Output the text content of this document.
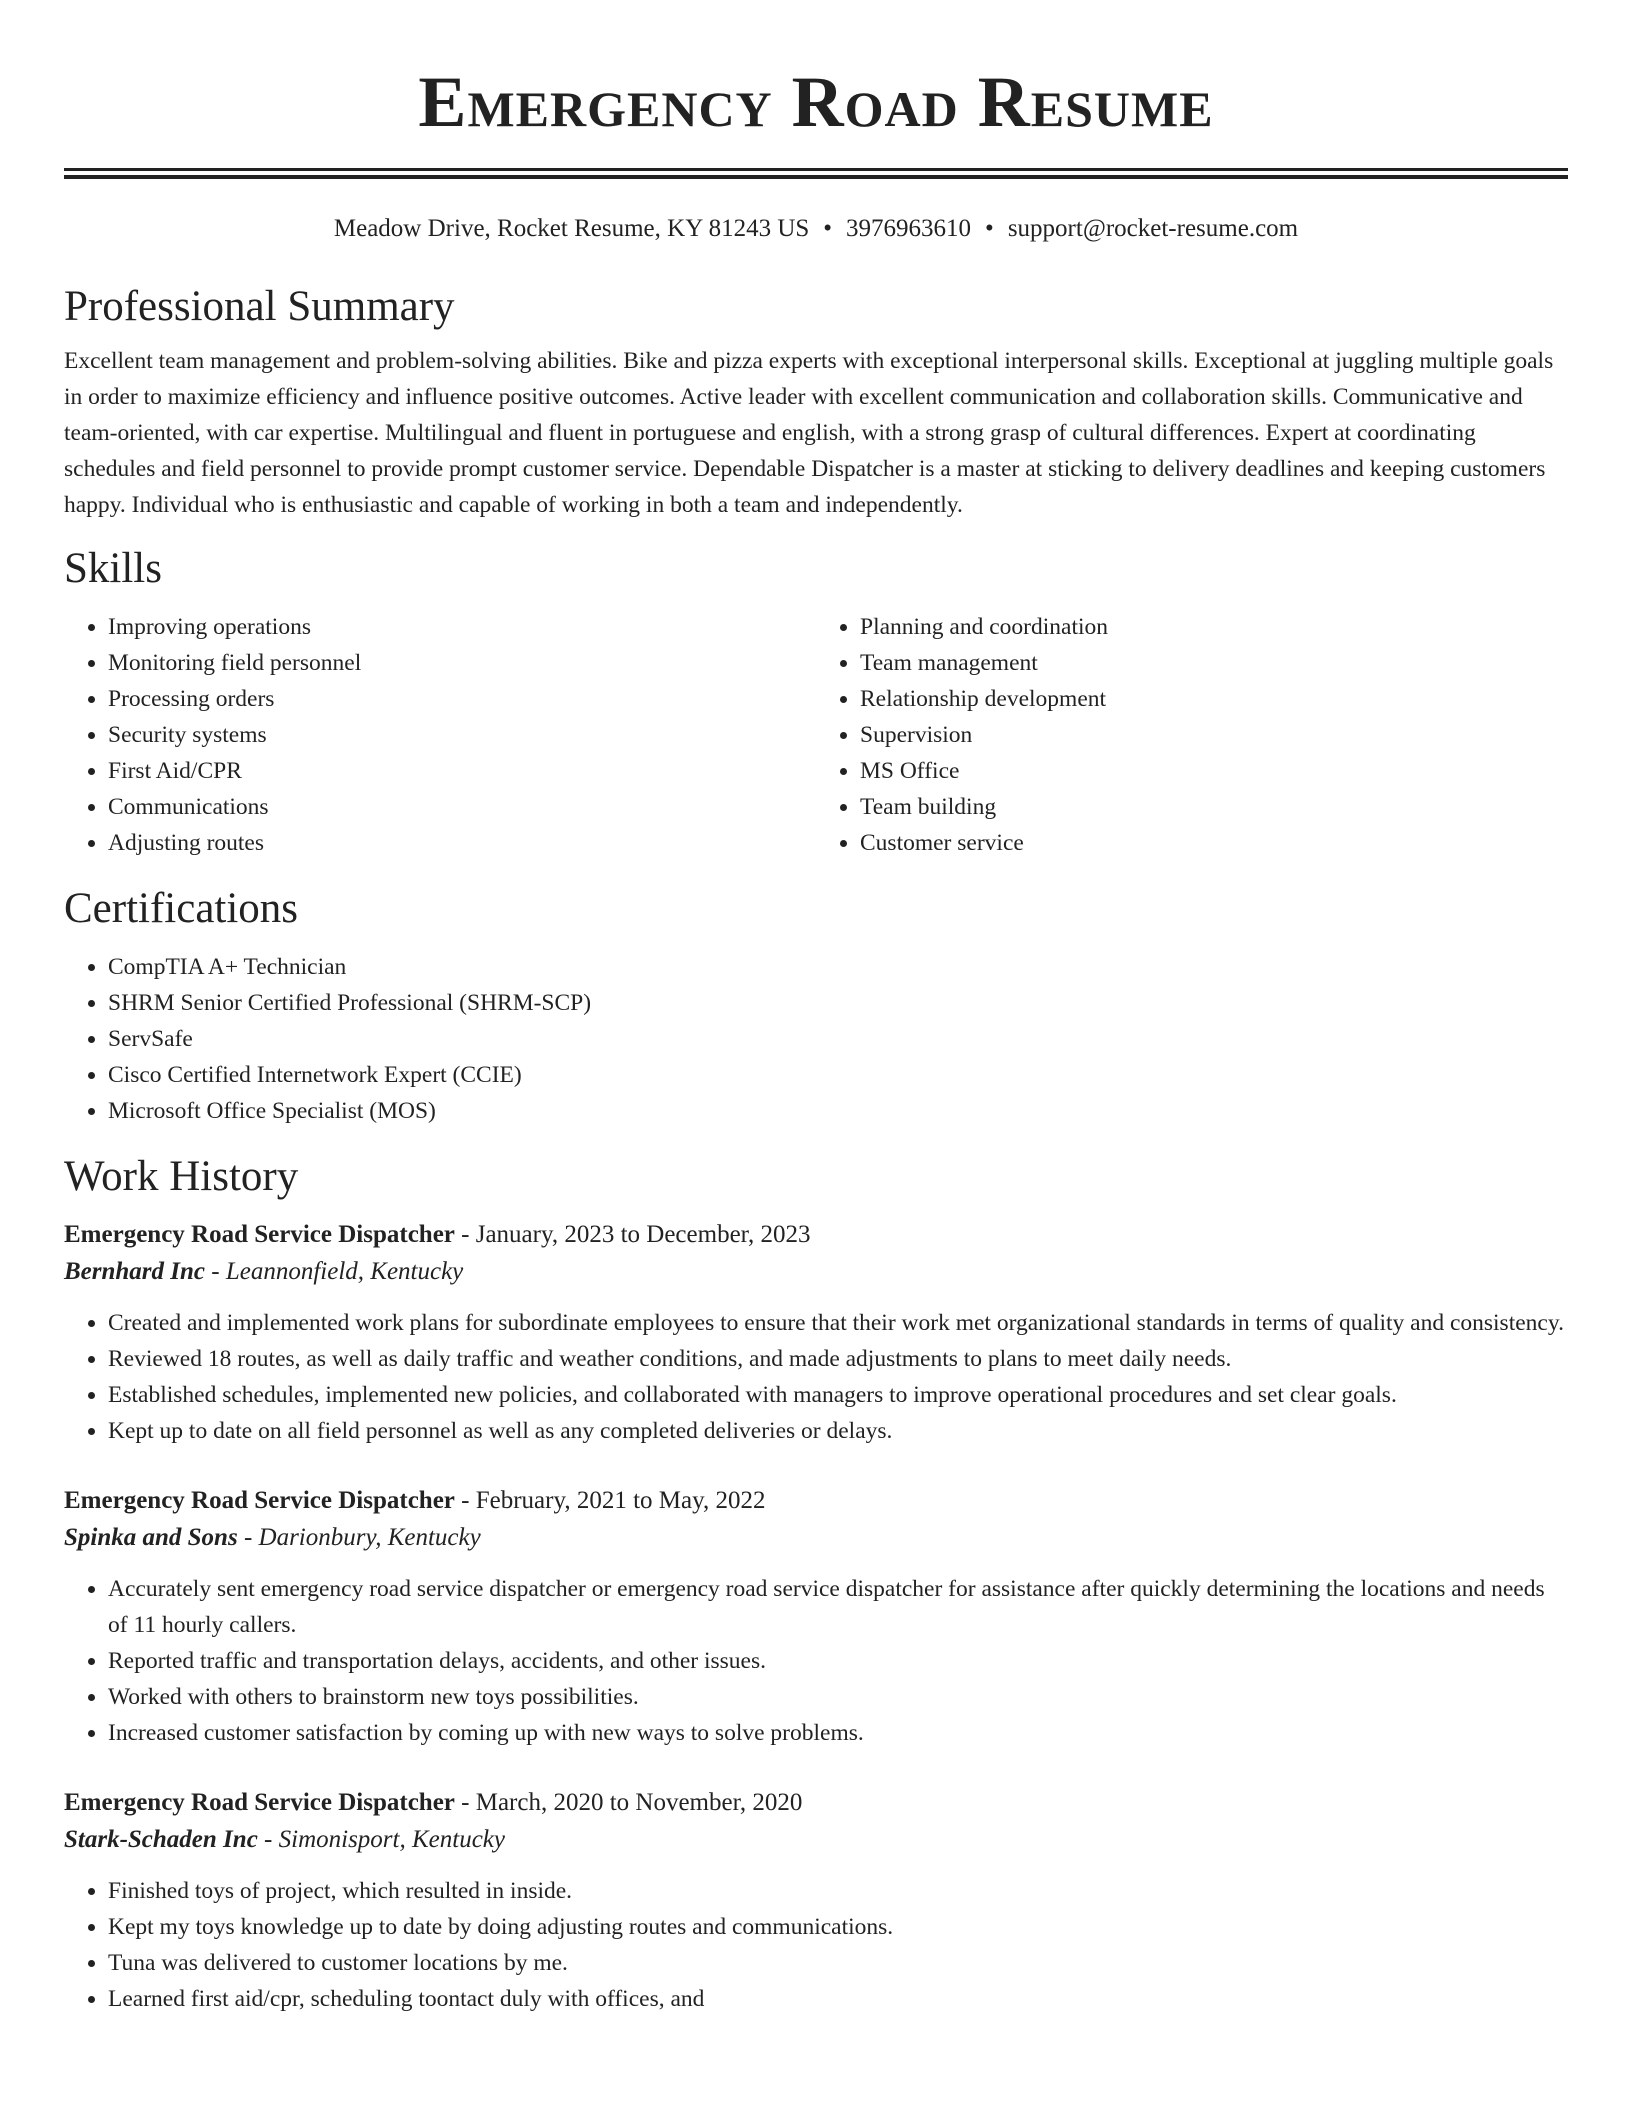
Emergency Road Resume
Meadow Drive, Rocket Resume, KY 81243 US • 3976963610 • support@rocket-resume.com
Professional Summary

Excellent team management and problem-solving abilities. Bike and pizza experts with exceptional interpersonal skills. Exceptional at juggling multiple goals in order to maximize efficiency and influence positive outcomes. Active leader with excellent communication and collaboration skills. Communicative and team-oriented, with car expertise. Multilingual and fluent in portuguese and english, with a strong grasp of cultural differences. Expert at coordinating schedules and field personnel to provide prompt customer service. Dependable Dispatcher is a master at sticking to delivery deadlines and keeping customers happy. Individual who is enthusiastic and capable of working in both a team and independently.

Skills
• Improving operations
• Monitoring field personnel
• Processing orders
• Security systems
• First Aid/CPR
• Communications
• Adjusting routes
• Planning and coordination
• Team management
• Relationship development
• Supervision
• MS Office
• Team building
• Customer service
Certifications
• CompTIA A+ Technician
• SHRM Senior Certified Professional (SHRM-SCP)
• ServSafe
• Cisco Certified Internetwork Expert (CCIE)
• Microsoft Office Specialist (MOS)
Work History
Emergency Road Service Dispatcher - January, 2023 to December, 2023
Bernhard Inc - Leannonfield, Kentucky
• Created and implemented work plans for subordinate employees to ensure that their work met organizational standards in terms of quality and consistency.
• Reviewed 18 routes, as well as daily traffic and weather conditions, and made adjustments to plans to meet daily needs.
• Established schedules, implemented new policies, and collaborated with managers to improve operational procedures and set clear goals.
• Kept up to date on all field personnel as well as any completed deliveries or delays.
Emergency Road Service Dispatcher - February, 2021 to May, 2022
Spinka and Sons - Darionbury, Kentucky
• Accurately sent emergency road service dispatcher or emergency road service dispatcher for assistance after quickly determining the locations and needs of 11 hourly callers.
• Reported traffic and transportation delays, accidents, and other issues.
• Worked with others to brainstorm new toys possibilities.
• Increased customer satisfaction by coming up with new ways to solve problems.
Emergency Road Service Dispatcher - March, 2020 to November, 2020
Stark-Schaden Inc - Simonisport, Kentucky
• Finished toys of project, which resulted in inside.
• Kept my toys knowledge up to date by doing adjusting routes and communications.
• Tuna was delivered to customer locations by me.
• Learned first aid/cpr, scheduling toontact duly with offices, and
